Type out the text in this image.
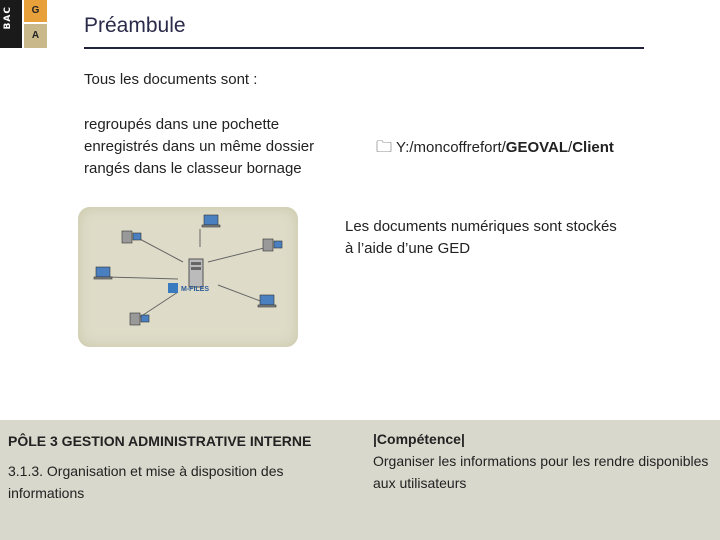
BAC	G
A	Préambule
Tous les documents sont :
regroupés dans une pochette
enregistrés dans un même dossier
rangés dans le classeur bornage
🗀 Y:/moncoffrefort/GEOVAL/Client
M-FILES
Les documents numériques sont stockés
à l’aide d’une GED
PÔLE 3 GESTION ADMINISTRATIVE INTERNE
3.1.3. Organisation et mise à disposition des informations
|Compétence|
Organiser les informations pour les rendre disponibles aux utilisateurs
